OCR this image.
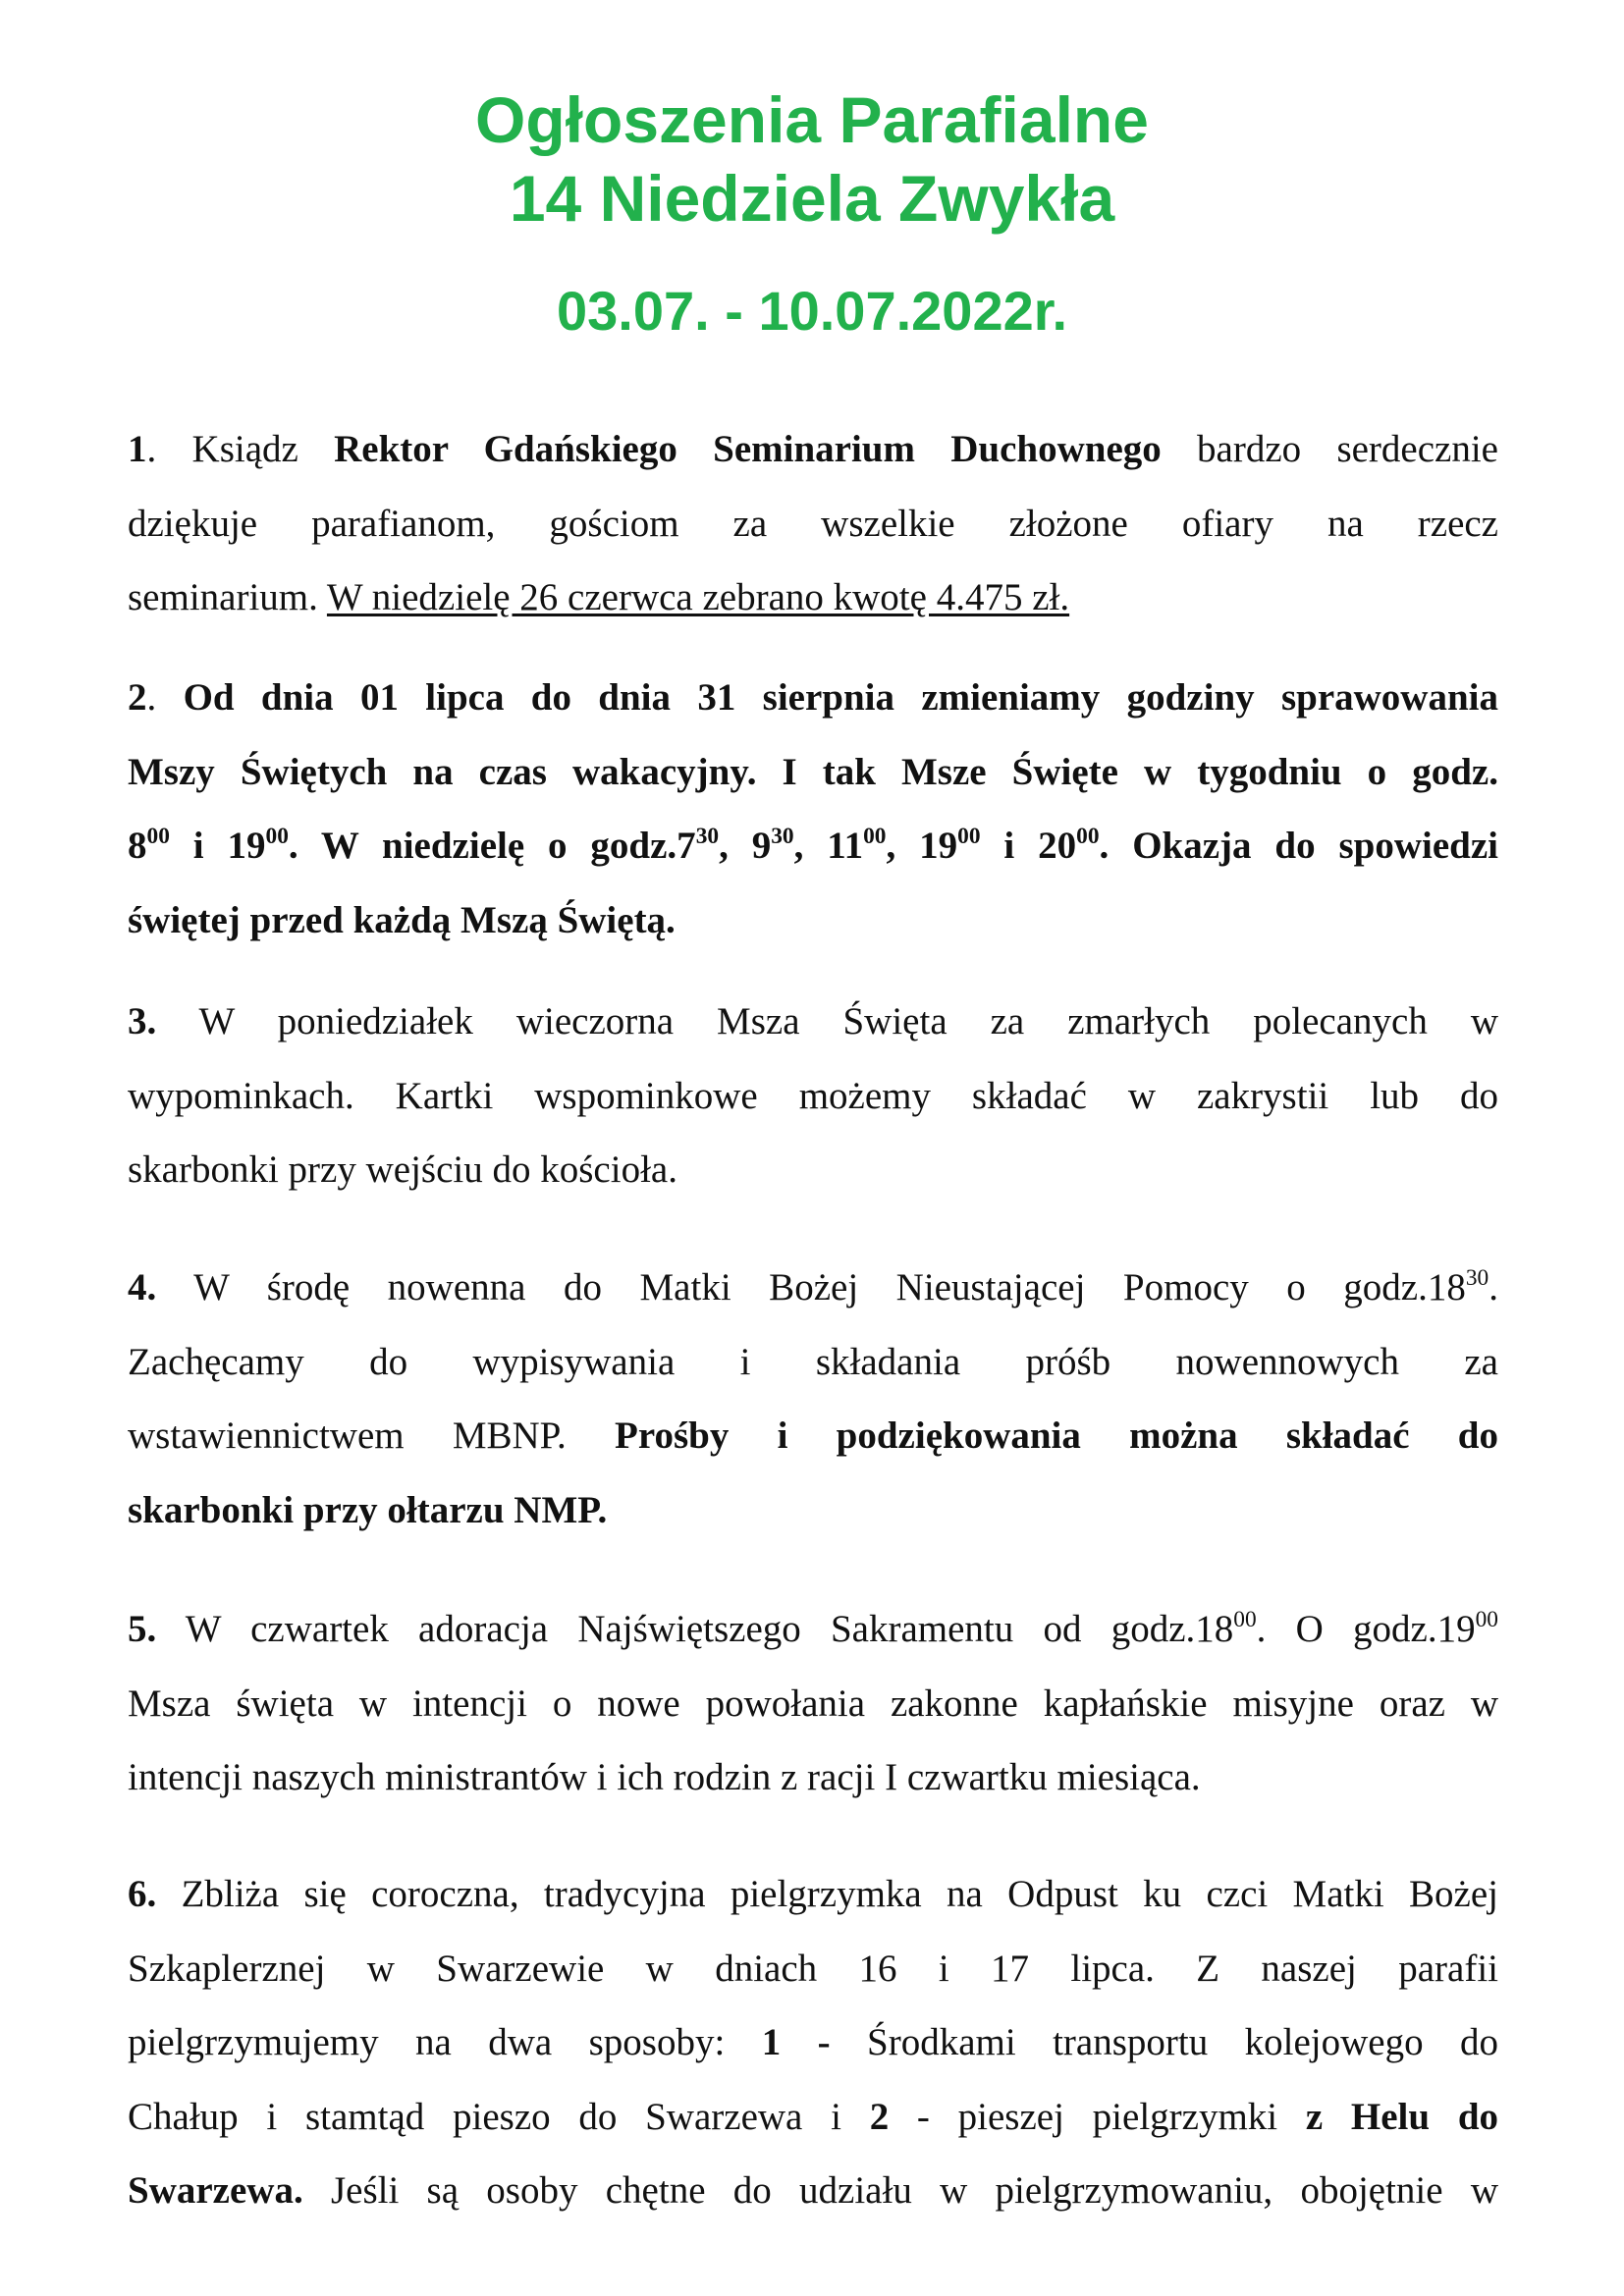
Ogłoszenia Parafialne
14 Niedziela Zwykła
03.07. - 10.07.2022r.
1. Ksiądz Rektor Gdańskiego Seminarium Duchownego bardzo serdecznie
dziękuje parafianom, gościom za wszelkie złożone ofiary na rzecz
seminarium. W niedzielę 26 czerwca zebrano kwotę 4.475 zł.
2. Od dnia 01 lipca do dnia 31 sierpnia zmieniamy godziny sprawowania
Mszy Świętych na czas wakacyjny. I tak Msze Święte w tygodniu o godz.
$8^{00}$ i $19^{00}$. W niedzielę o $godz.7^{30}$, $9^{30}$, $11^{00}$, $19^{00}$ i $20^{00}$. Okazja do spowiedzi
świętej przed każdą Mszą Świętą.
3. W poniedziałek wieczorna Msza Święta za zmarłych polecanych w
wypominkach. Kartki wspominkowe możemy składać w zakrystii lub do
skarbonki przy wejściu do kościoła.
4. W środę nowenna do Matki Bożej Nieustającej Pomocy o $godz.18^{30}$.
Zachęcamy do wypisywania i składania próśb nowennowych za
wstawiennictwem MBNP. Prośby i podziękowania można składać do
skarbonki przy ołtarzu NMP.
5. W czwartek adoracja Najświętszego Sakramentu od $godz.18^{00}$. O $godz.19^{00}$
Msza święta w intencji o nowe powołania zakonne kapłańskie misyjne oraz w
intencji naszych ministrantów i ich rodzin z racji I czwartku miesiąca.
6. Zbliża się coroczna, tradycyjna pielgrzymka na Odpust ku czci Matki Bożej
Szkaplerznej w Swarzewie w dniach 16 i 17 lipca. Z naszej parafii
pielgrzymujemy na dwa sposoby: 1 - Środkami transportu kolejowego do
Chałup i stamtąd pieszo do Swarzewa i 2 - pieszej pielgrzymki z Helu do
Swarzewa. Jeśli są osoby chętne do udziału w pielgrzymowaniu, obojętnie w
